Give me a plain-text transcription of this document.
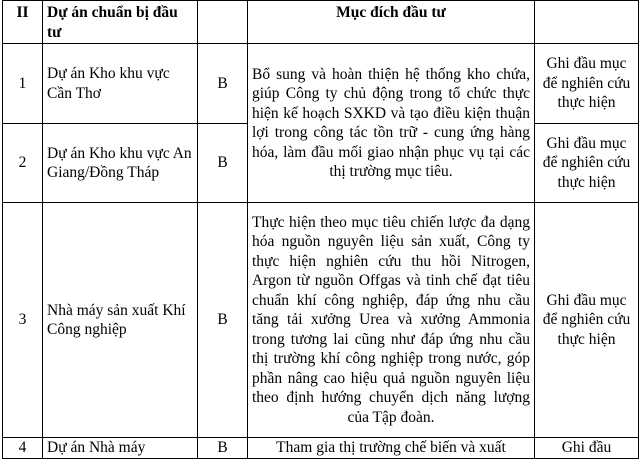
II	Dự án chuẩn bị đầu tư		Mục đích đầu tư	
1	Dự án Kho khu vực Cần Thơ	B	Bổ sung và hoàn thiện hệ thống kho chứa, giúp Công ty chủ động trong tổ chức thực hiện kế hoạch SXKD và tạo điều kiện thuận lợi trong công tác tồn trữ - cung ứng hàng hóa, làm đầu mối giao nhận phục vụ tại các thị trường mục tiêu.	Ghi đầu mục để nghiên cứu thực hiện
2	Dự án Kho khu vực An Giang/Đồng Tháp	B		Ghi đầu mục để nghiên cứu thực hiện
3	Nhà máy sản xuất Khí Công nghiệp	B	Thực hiện theo mục tiêu chiến lược đa dạng hóa nguồn nguyên liệu sản xuất, Công ty thực hiện nghiên cứu thu hồi Nitrogen, Argon từ nguồn Offgas và tinh chế đạt tiêu chuẩn khí công nghiệp, đáp ứng nhu cầu tăng tải xưởng Urea và xưởng Ammonia trong tương lai cũng như đáp ứng nhu cầu thị trường khí công nghiệp trong nước, góp phần nâng cao hiệu quả nguồn nguyên liệu theo định hướng chuyển dịch năng lượng của Tập đoàn.	Ghi đầu mục để nghiên cứu thực hiện
4	Dự án Nhà máy	B	Tham gia thị trường chế biến và xuất	Ghi đầu
